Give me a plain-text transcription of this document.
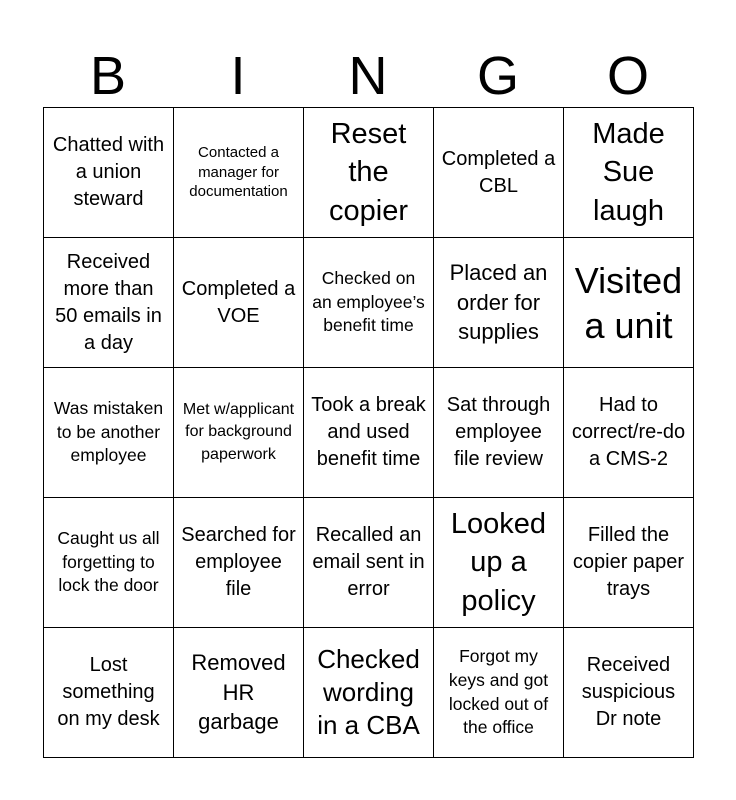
B	I	N	G	O
Chatted with a union steward
Contacted a manager for documentation
Reset the copier
Completed a CBL
Made Sue laugh
Received more than 50 emails in a day
Completed a VOE
Checked on an employee’s benefit time
Placed an order for supplies
Visited a unit
Was mistaken to be another employee
Met w/applicant for background paperwork
Took a break and used benefit time
Sat through employee file review
Had to correct/re-do a CMS-2
Caught us all forgetting to lock the door
Searched for employee file
Recalled an email sent in error
Looked up a policy
Filled the copier paper trays
Lost something on my desk
Removed HR garbage
Checked wording in a CBA
Forgot my keys and got locked out of the office
Received suspicious Dr note
